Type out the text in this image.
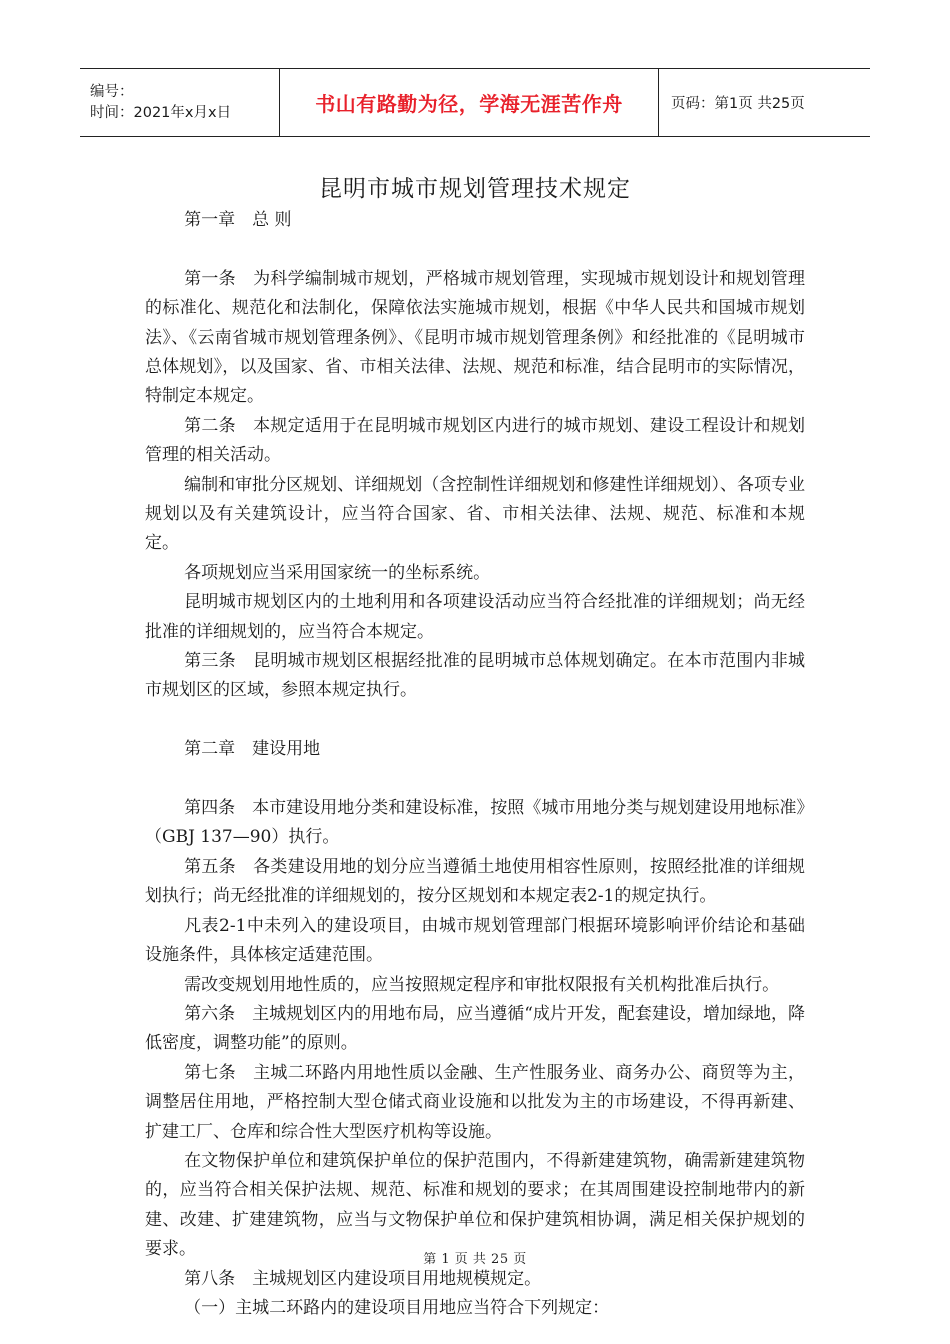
编号：
时间：2021年x月x日	书山有路勤为径，学海无涯苦作舟	页码：第1页 共25页
昆明市城市规划管理技术规定

第一章　总 则

第一条　为科学编制城市规划，严格城市规划管理，实现城市规划设计和规划管理的标准化、规范化和法制化，保障依法实施城市规划，根据《中华人民共和国城市规划法》、《云南省城市规划管理条例》、《昆明市城市规划管理条例》和经批准的《昆明城市总体规划》，以及国家、省、市相关法律、法规、规范和标准，结合昆明市的实际情况，特制定本规定。

第二条　本规定适用于在昆明城市规划区内进行的城市规划、建设工程设计和规划管理的相关活动。

编制和审批分区规划、详细规划（含控制性详细规划和修建性详细规划）、各项专业规划以及有关建筑设计，应当符合国家、省、市相关法律、法规、规范、标准和本规定。

各项规划应当采用国家统一的坐标系统。

昆明城市规划区内的土地利用和各项建设活动应当符合经批准的详细规划；尚无经批准的详细规划的，应当符合本规定。

第三条　昆明城市规划区根据经批准的昆明城市总体规划确定。在本市范围内非城市规划区的区域，参照本规定执行。

第二章　建设用地

第四条　本市建设用地分类和建设标准，按照《城市用地分类与规划建设用地标准》（GBJ 137—90）执行。

第五条　各类建设用地的划分应当遵循土地使用相容性原则，按照经批准的详细规划执行；尚无经批准的详细规划的，按分区规划和本规定表2-1的规定执行。

凡表2-1中未列入的建设项目，由城市规划管理部门根据环境影响评价结论和基础设施条件，具体核定适建范围。

需改变规划用地性质的，应当按照规定程序和审批权限报有关机构批准后执行。

第六条　主城规划区内的用地布局，应当遵循“成片开发，配套建设，增加绿地，降低密度，调整功能”的原则。

第七条　主城二环路内用地性质以金融、生产性服务业、商务办公、商贸等为主，调整居住用地，严格控制大型仓储式商业设施和以批发为主的市场建设，不得再新建、扩建工厂、仓库和综合性大型医疗机构等设施。

在文物保护单位和建筑保护单位的保护范围内，不得新建建筑物，确需新建建筑物的，应当符合相关保护法规、规范、标准和规划的要求；在其周围建设控制地带内的新建、改建、扩建建筑物，应当与文物保护单位和保护建筑相协调，满足相关保护规划的要求。

第八条　主城规划区内建设项目用地规模规定。

（一）主城二环路内的建设项目用地应当符合下列规定：

第 1 页 共 25 页
